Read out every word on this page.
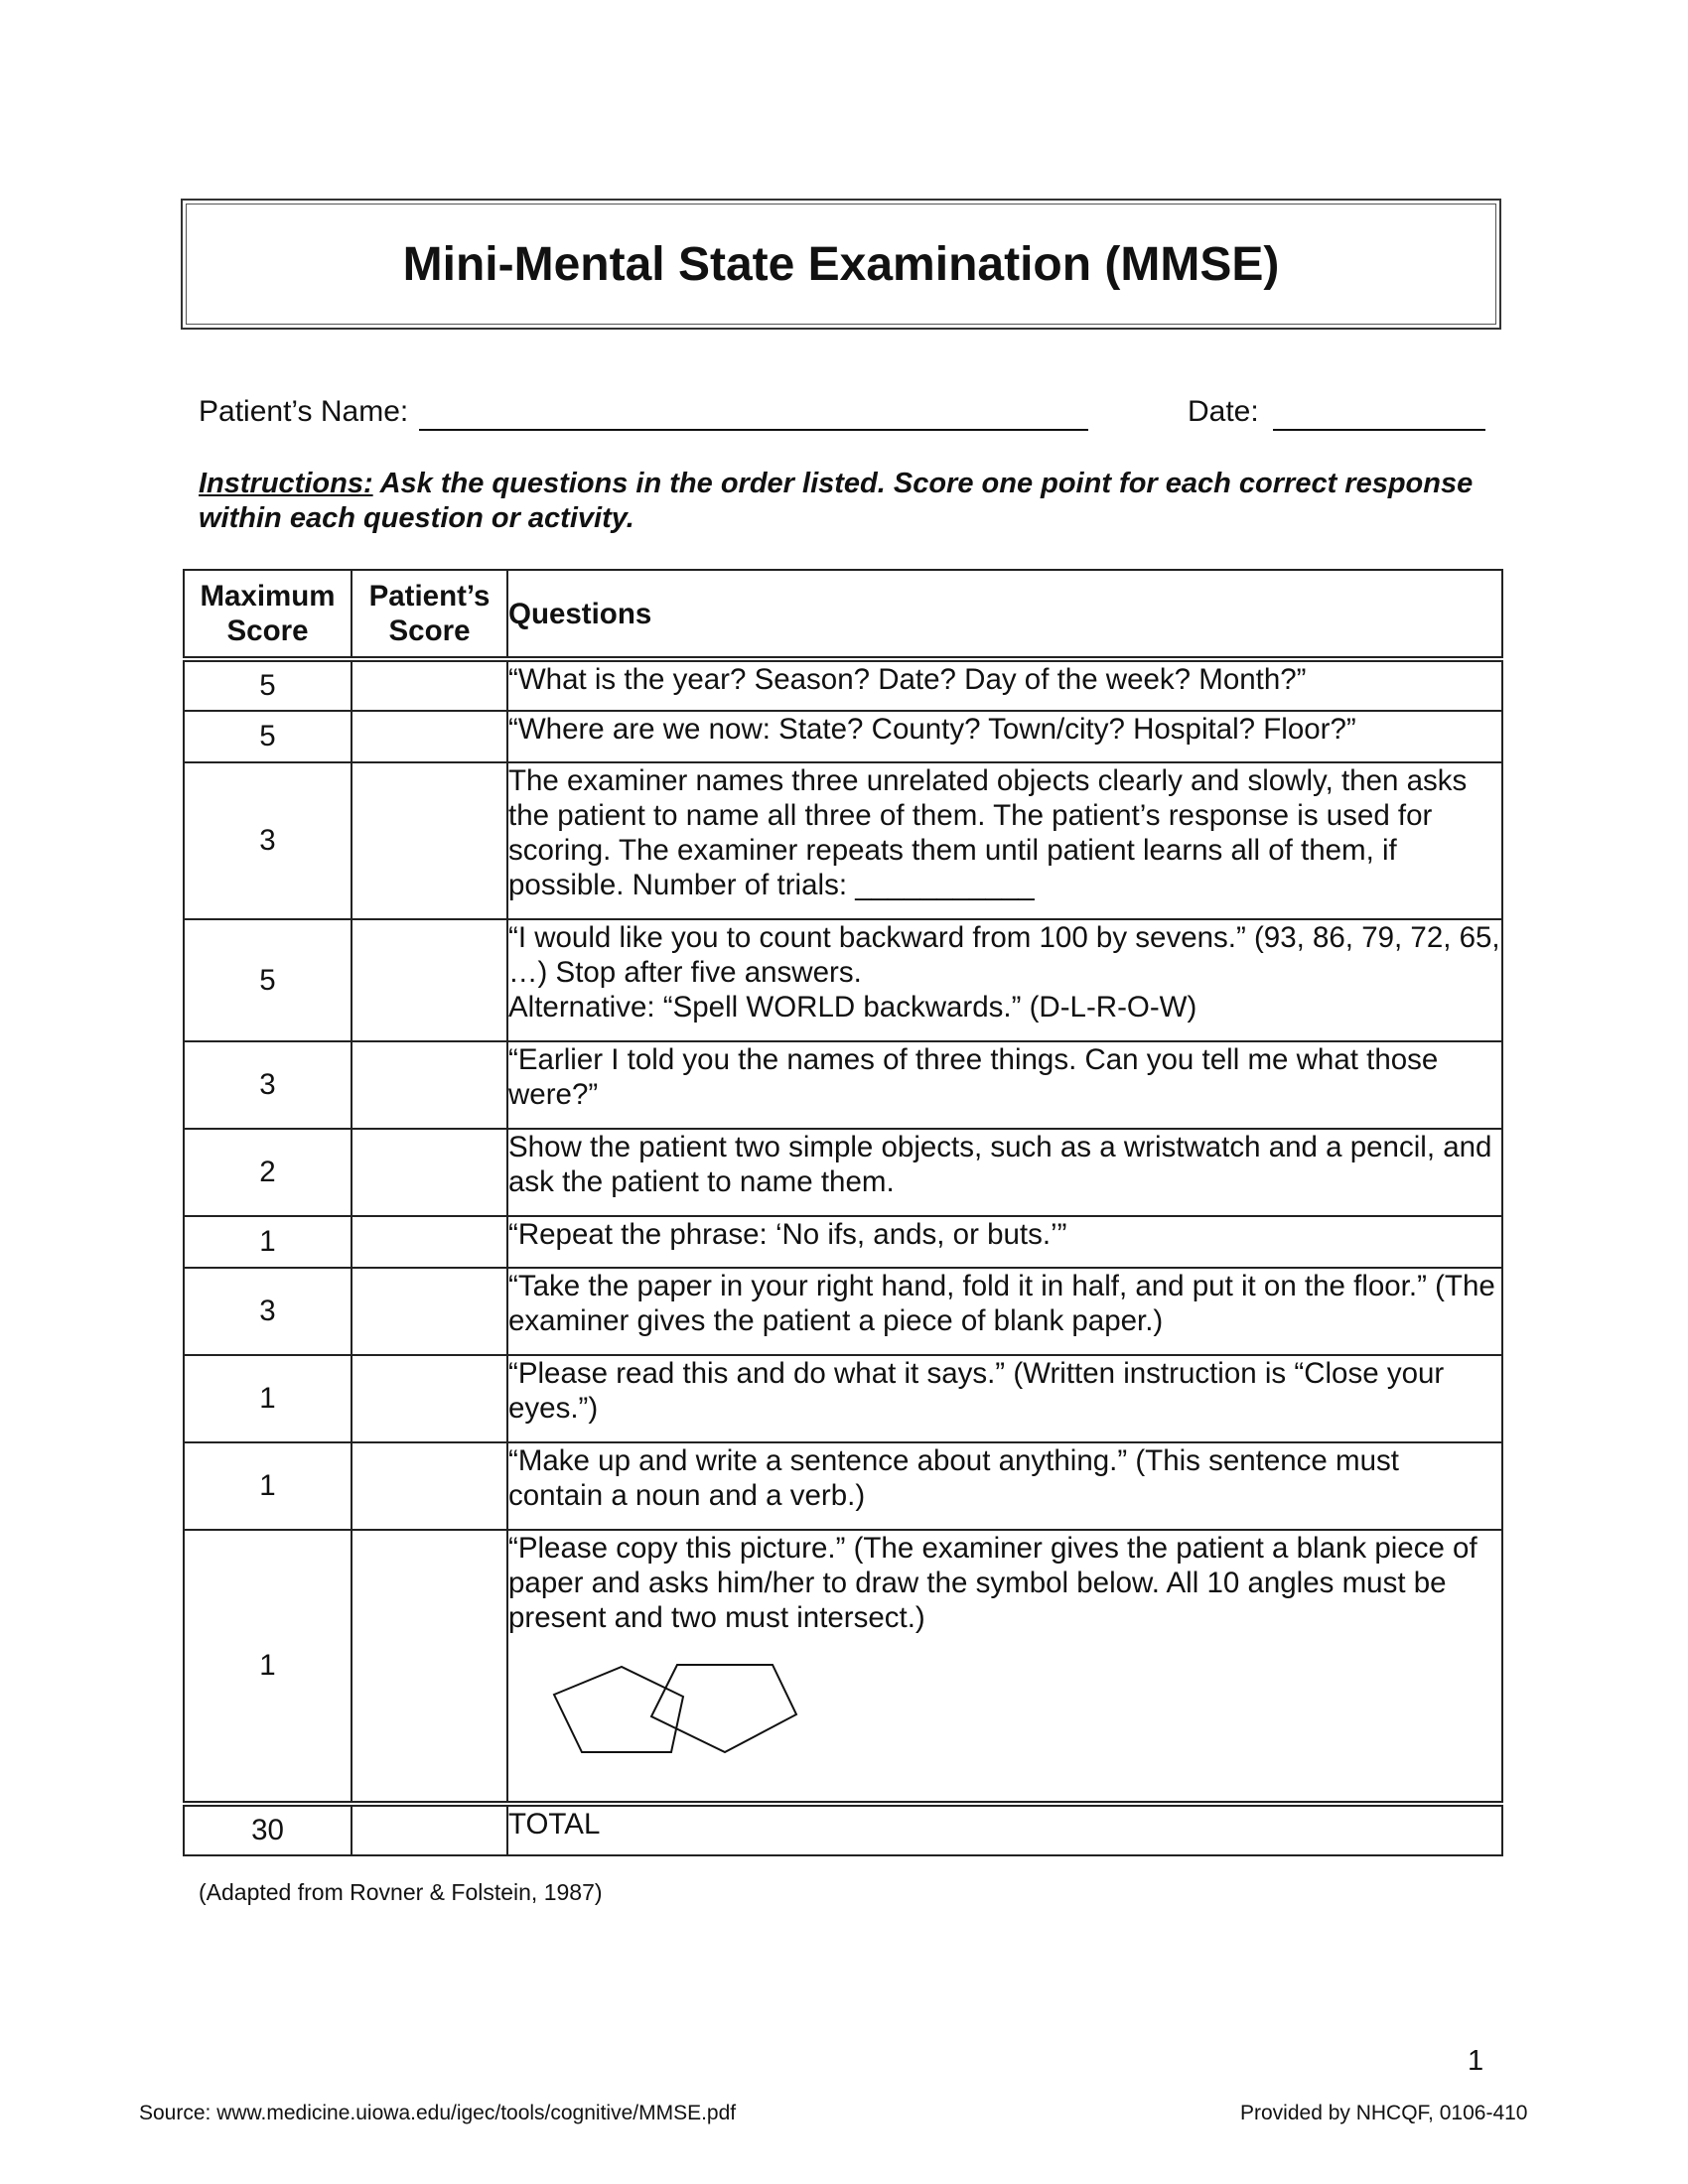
Mini-Mental State Examination (MMSE)
Patient’s Name:	Date:
Instructions: Ask the questions in the order listed. Score one point for each correct response within each question or activity.
Maximum Score	Patient’s Score	Questions
5		“What is the year? Season? Date? Day of the week? Month?”
5		“Where are we now: State? County? Town/city? Hospital? Floor?”
3		The examiner names three unrelated objects clearly and slowly, then asks the patient to name all three of them. The patient’s response is used for scoring. The examiner repeats them until patient learns all of them, if possible. Number of trials: ___________
5		“I would like you to count backward from 100 by sevens.” (93, 86, 79, 72, 65, …) Stop after five answers.
Alternative: “Spell WORLD backwards.” (D-L-R-O-W)

3		“Earlier I told you the names of three things. Can you tell me what those were?”
2		Show the patient two simple objects, such as a wristwatch and a pencil, and ask the patient to name them.
1		“Repeat the phrase: ‘No ifs, ands, or buts.’”
3		“Take the paper in your right hand, fold it in half, and put it on the floor.” (The examiner gives the patient a piece of blank paper.)
1		“Please read this and do what it says.” (Written instruction is “Close your eyes.”)
1		“Make up and write a sentence about anything.” (This sentence must contain a noun and a verb.)
1		“Please copy this picture.” (The examiner gives the patient a blank piece of paper and asks him/her to draw the symbol below. All 10 angles must be present and two must intersect.)

30		TOTAL
(Adapted from Rovner & Folstein, 1987)
1
Source: www.medicine.uiowa.edu/igec/tools/cognitive/MMSE.pdf	Provided by NHCQF, 0106-410
